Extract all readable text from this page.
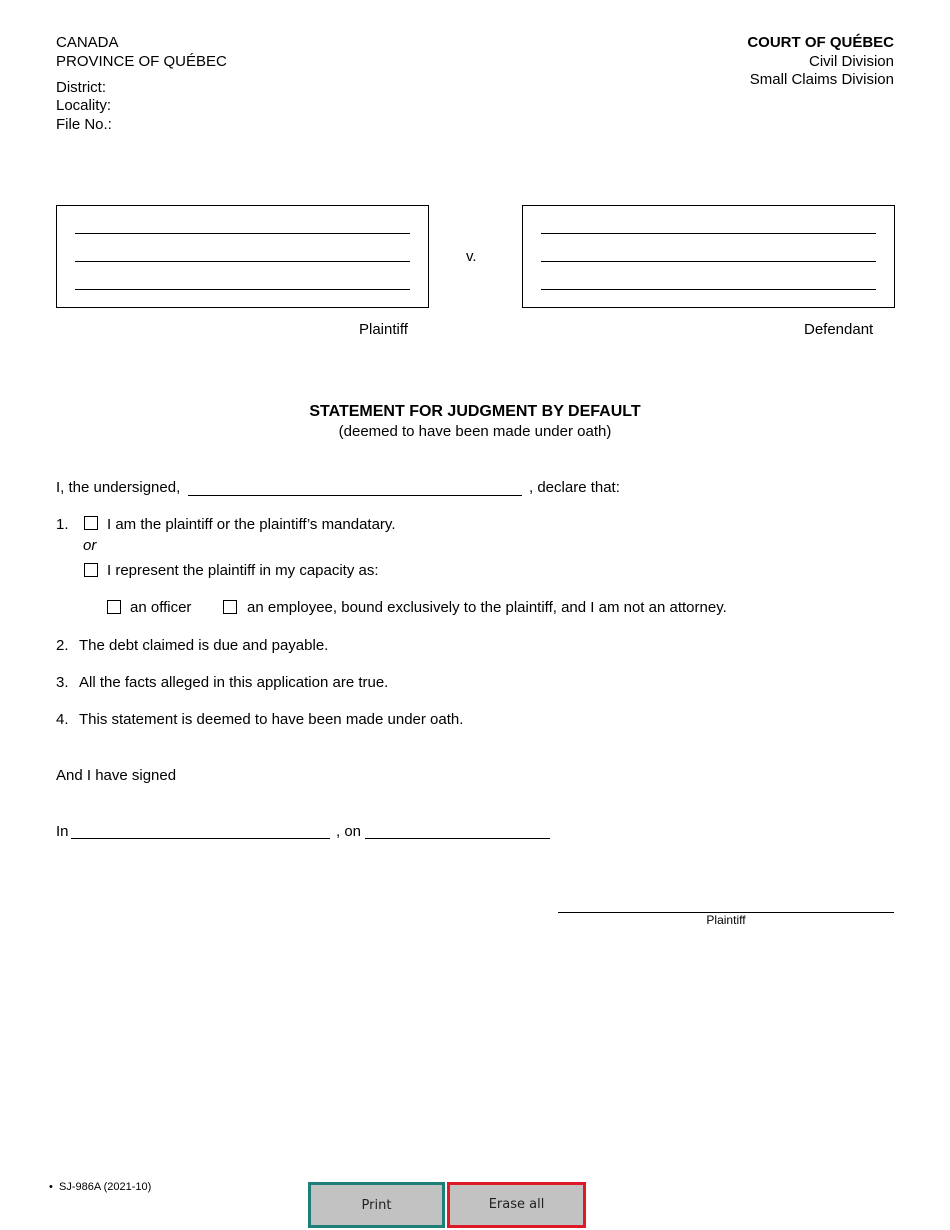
CANADA
PROVINCE OF QUÉBEC
District:
Locality:
File No.:
COURT OF QUÉBEC
Civil Division
Small Claims Division
v.
Plaintiff	Defendant
STATEMENT FOR JUDGMENT BY DEFAULT
(deemed to have been made under oath)
I, the undersigned,	, declare that:
1.	I am the plaintiff or the plaintiff’s mandatary.
or
I represent the plaintiff in my capacity as:
an officer	an employee, bound exclusively to the plaintiff, and I am not an attorney.
2. The debt claimed is due and payable.
3. All the facts alleged in this application are true.
4. This statement is deemed to have been made under oath.
And I have signed
In	, on
Plaintiff
• SJ-986A (2021-10)
Print	Erase all
